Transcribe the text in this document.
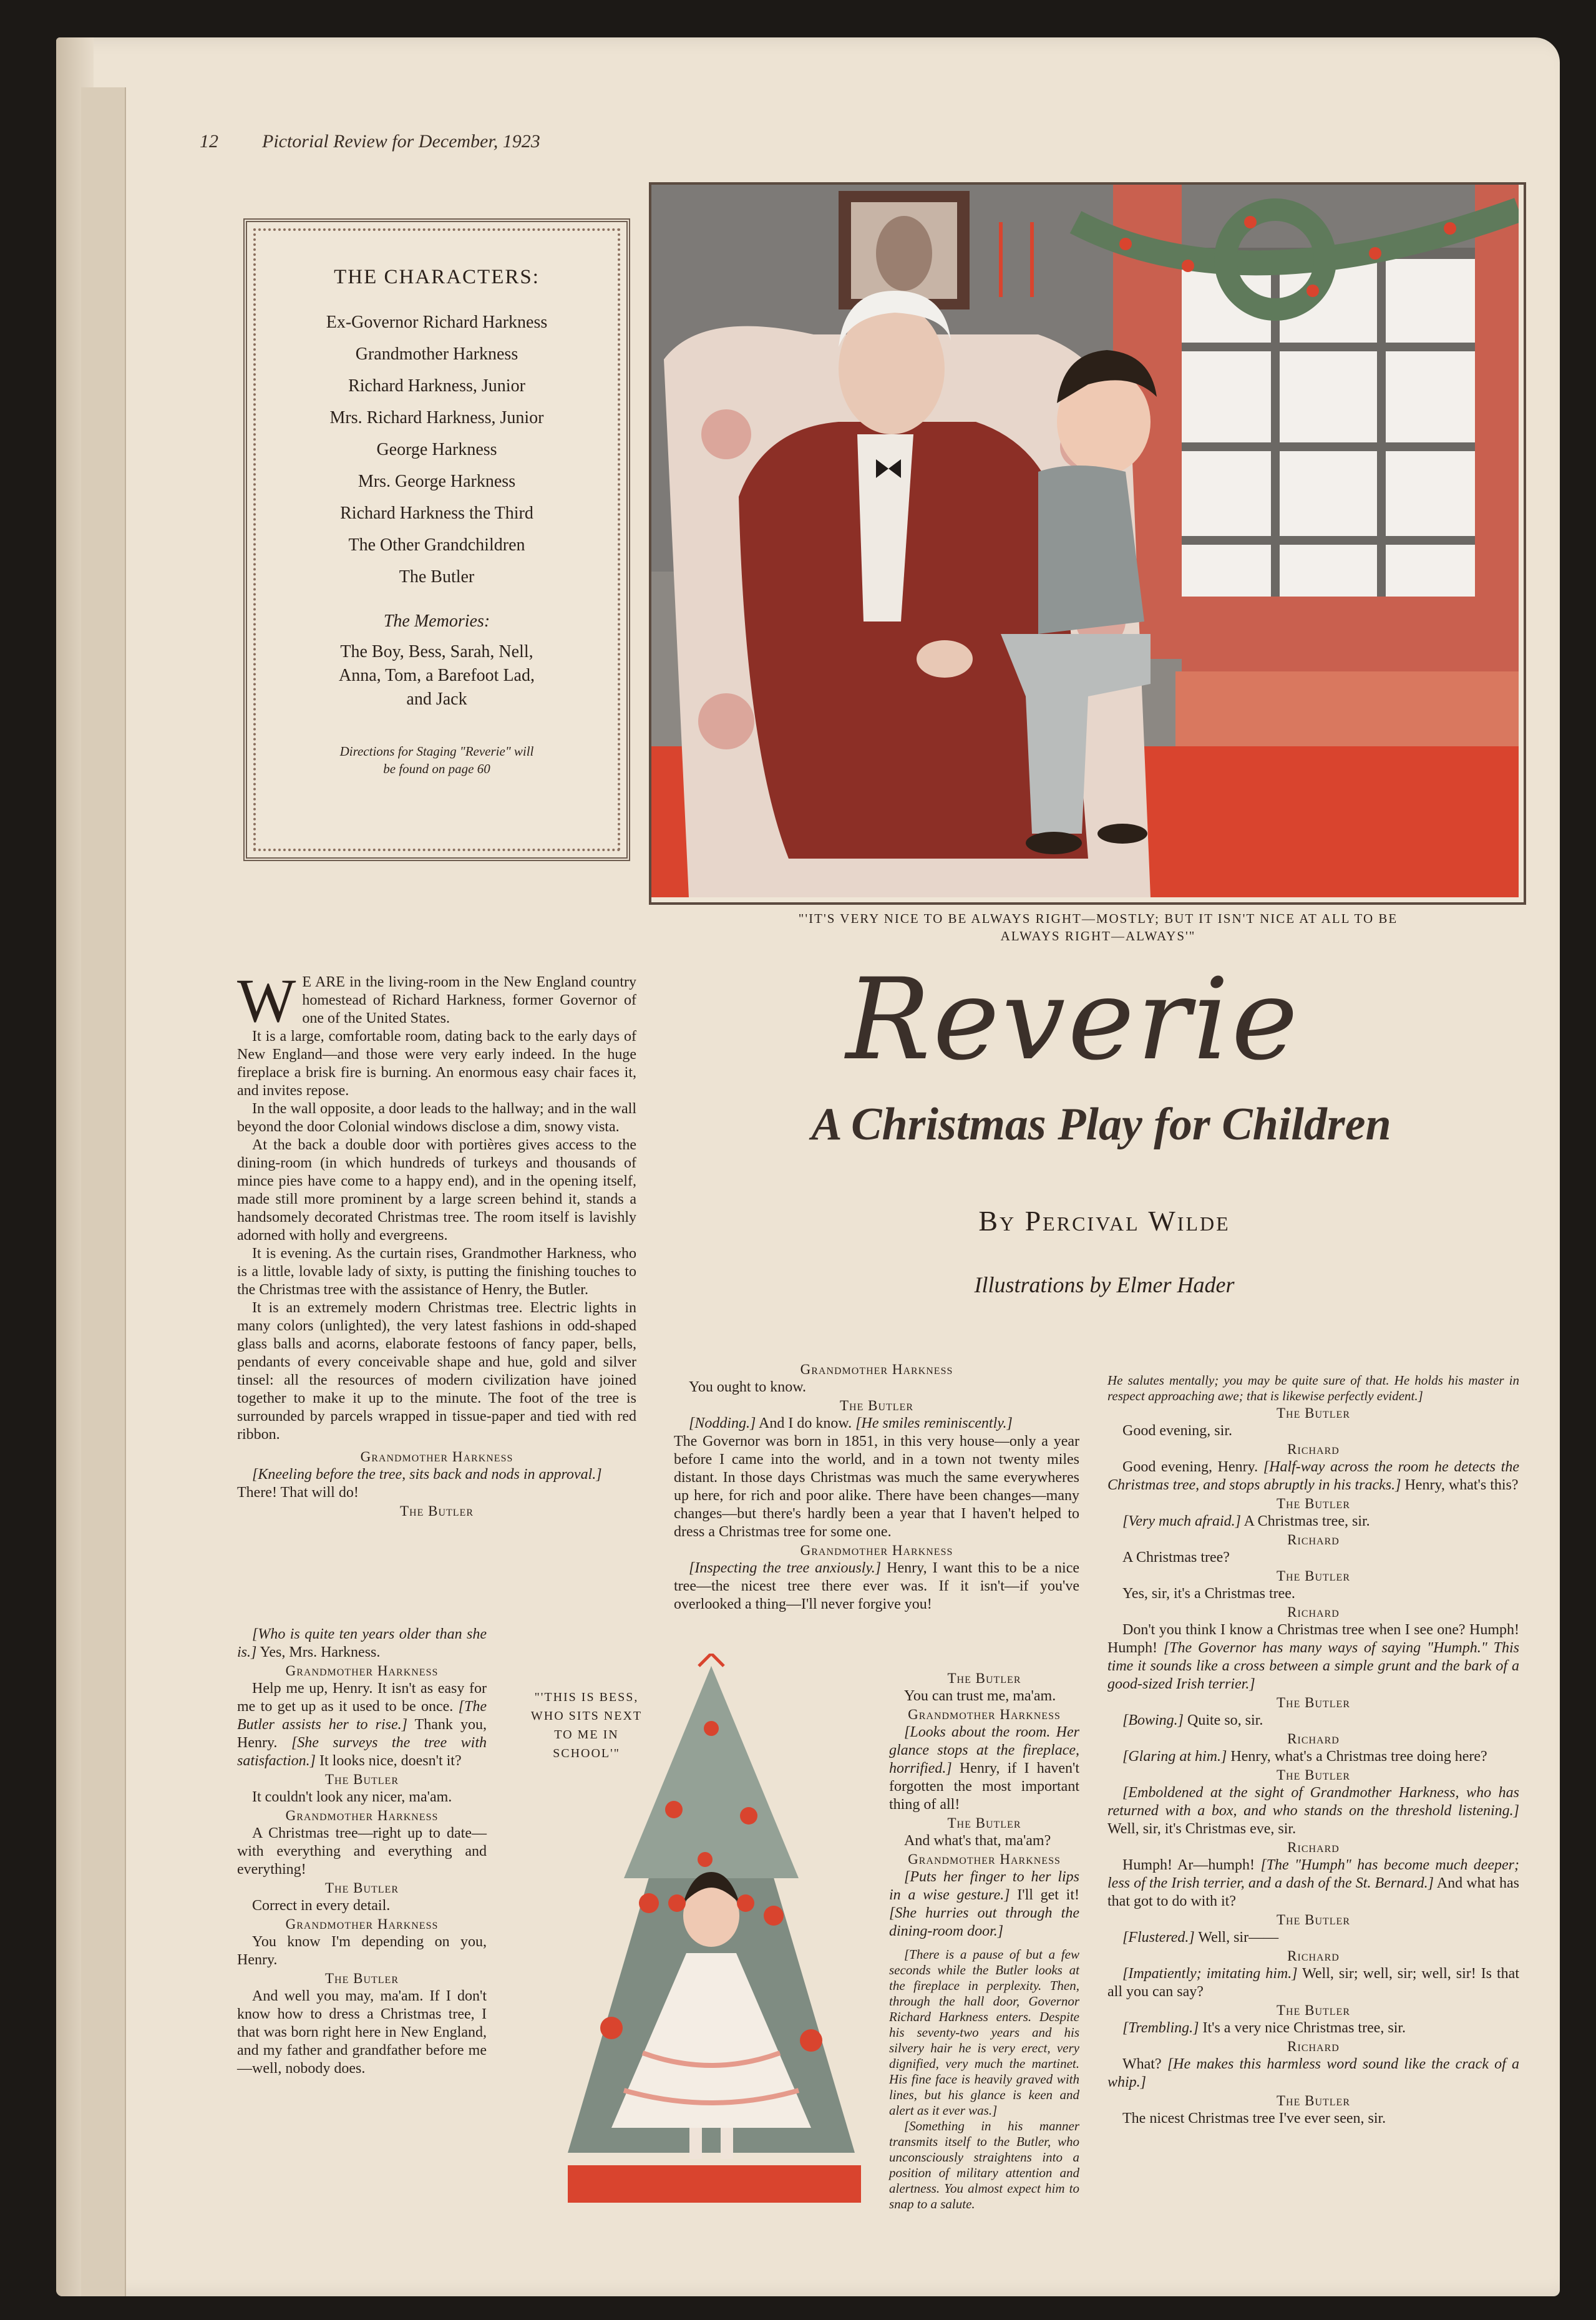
12 Pictorial Review for December, 1923
THE CHARACTERS:
Ex-Governor Richard Harkness
Grandmother Harkness
Richard Harkness, Junior
Mrs. Richard Harkness, Junior
George Harkness
Mrs. George Harkness
Richard Harkness the Third
The Other Grandchildren
The Butler
The Memories:
The Boy, Bess, Sarah, Nell,
Anna, Tom, a Barefoot Lad,
and Jack
Directions for Staging "Reverie" will
be found on page 60
"'IT'S VERY NICE TO BE ALWAYS RIGHT—MOSTLY; BUT IT ISN'T NICE AT ALL TO BE
ALWAYS RIGHT—ALWAYS'"
Reverie
A Christmas Play for Children
By Percival Wilde
Illustrations by Elmer Hader

W E ARE in the living-room in the New England country homestead of Richard Harkness, former Governor of one of the United States.

It is a large, comfortable room, dating back to the early days of New England—and those were very early indeed. In the huge fireplace a brisk fire is burning. An enormous easy chair faces it, and invites repose.

In the wall opposite, a door leads to the hallway; and in the wall beyond the door Colonial windows disclose a dim, snowy vista.

At the back a double door with portières gives access to the dining-room (in which hundreds of turkeys and thousands of mince pies have come to a happy end), and in the opening itself, made still more prominent by a large screen behind it, stands a handsomely decorated Christmas tree. The room itself is lavishly adorned with holly and evergreens.

It is evening. As the curtain rises, Grandmother Harkness, who is a little, lovable lady of sixty, is putting the finishing touches to the Christmas tree with the assistance of Henry, the Butler.

It is an extremely modern Christmas tree. Electric lights in many colors (unlighted), the very latest fashions in odd-shaped glass balls and acorns, elaborate festoons of fancy paper, bells, pendants of every conceivable shape and hue, gold and silver tinsel: all the resources of modern civilization have joined together to make it up to the minute. The foot of the tree is surrounded by parcels wrapped in tissue-paper and tied with red ribbon.

Grandmother Harkness

[Kneeling before the tree, sits back and nods in approval.]

There! That will do!

The Butler

[Who is quite ten years older than she is.] Yes, Mrs. Harkness.

Grandmother Harkness

Help me up, Henry. It isn't as easy for me to get up as it used to be once. [The Butler assists her to rise.] Thank you, Henry. [She surveys the tree with satisfaction.] It looks nice, doesn't it?

The Butler

It couldn't look any nicer, ma'am.

Grandmother Harkness

A Christmas tree—right up to date—with everything and everything and everything!

The Butler

Correct in every detail.

Grandmother Harkness

You know I'm depending on you, Henry.

The Butler

And well you may, ma'am. If I don't know how to dress a Christmas tree, I that was born right here in New England, and my father and grandfather before me—well, nobody does.

"'THIS IS BESS,
WHO SITS NEXT
TO ME IN
SCHOOL'"
Grandmother Harkness

You ought to know.

The Butler

[Nodding.] And I do know. [He smiles reminiscently.]

The Governor was born in 1851, in this very house—only a year before I came into the world, and in a town not twenty miles distant. In those days Christmas was much the same everywheres up here, for rich and poor alike. There have been changes—many changes—but there's hardly been a year that I haven't helped to dress a Christmas tree for some one.

Grandmother Harkness

[Inspecting the tree anxiously.] Henry, I want this to be a nice tree—the nicest tree there ever was. If it isn't—if you've overlooked a thing—I'll never forgive you!

The Butler

You can trust me, ma'am.

Grandmother Harkness

[Looks about the room. Her glance stops at the fireplace, horrified.] Henry, if I haven't forgotten the most important thing of all!

The Butler

And what's that, ma'am?

Grandmother Harkness

[Puts her finger to her lips in a wise gesture.] I'll get it! [She hurries out through the dining-room door.]

[There is a pause of but a few seconds while the Butler looks at the fireplace in perplexity. Then, through the hall door, Governor Richard Harkness enters. Despite his seventy-two years and his silvery hair he is very erect, very dignified, very much the martinet. His fine face is heavily graved with lines, but his glance is keen and alert as it ever was.]

[Something in his manner transmits itself to the Butler, who unconsciously straightens into a position of military attention and alertness. You almost expect him to snap to a salute.

He salutes mentally; you may be quite sure of that. He holds his master in respect approaching awe; that is likewise perfectly evident.]

The Butler

Good evening, sir.

Richard

Good evening, Henry. [Half-way across the room he detects the Christmas tree, and stops abruptly in his tracks.] Henry, what's this?

The Butler

[Very much afraid.] A Christmas tree, sir.

Richard

A Christmas tree?

The Butler

Yes, sir, it's a Christmas tree.

Richard

Don't you think I know a Christmas tree when I see one? Humph! Humph! [The Governor has many ways of saying "Humph." This time it sounds like a cross between a simple grunt and the bark of a good-sized Irish terrier.]

The Butler

[Bowing.] Quite so, sir.

Richard

[Glaring at him.] Henry, what's a Christmas tree doing here?

The Butler

[Emboldened at the sight of Grandmother Harkness, who has returned with a box, and who stands on the threshold listening.] Well, sir, it's Christmas eve, sir.

Richard

Humph! Ar—humph! [The "Humph" has become much deeper; less of the Irish terrier, and a dash of the St. Bernard.] And what has that got to do with it?

The Butler

[Flustered.] Well, sir——

Richard

[Impatiently; imitating him.] Well, sir; well, sir; well, sir! Is that all you can say?

The Butler

[Trembling.] It's a very nice Christmas tree, sir.

Richard

What? [He makes this harmless word sound like the crack of a whip.]

The Butler

The nicest Christmas tree I've ever seen, sir.
